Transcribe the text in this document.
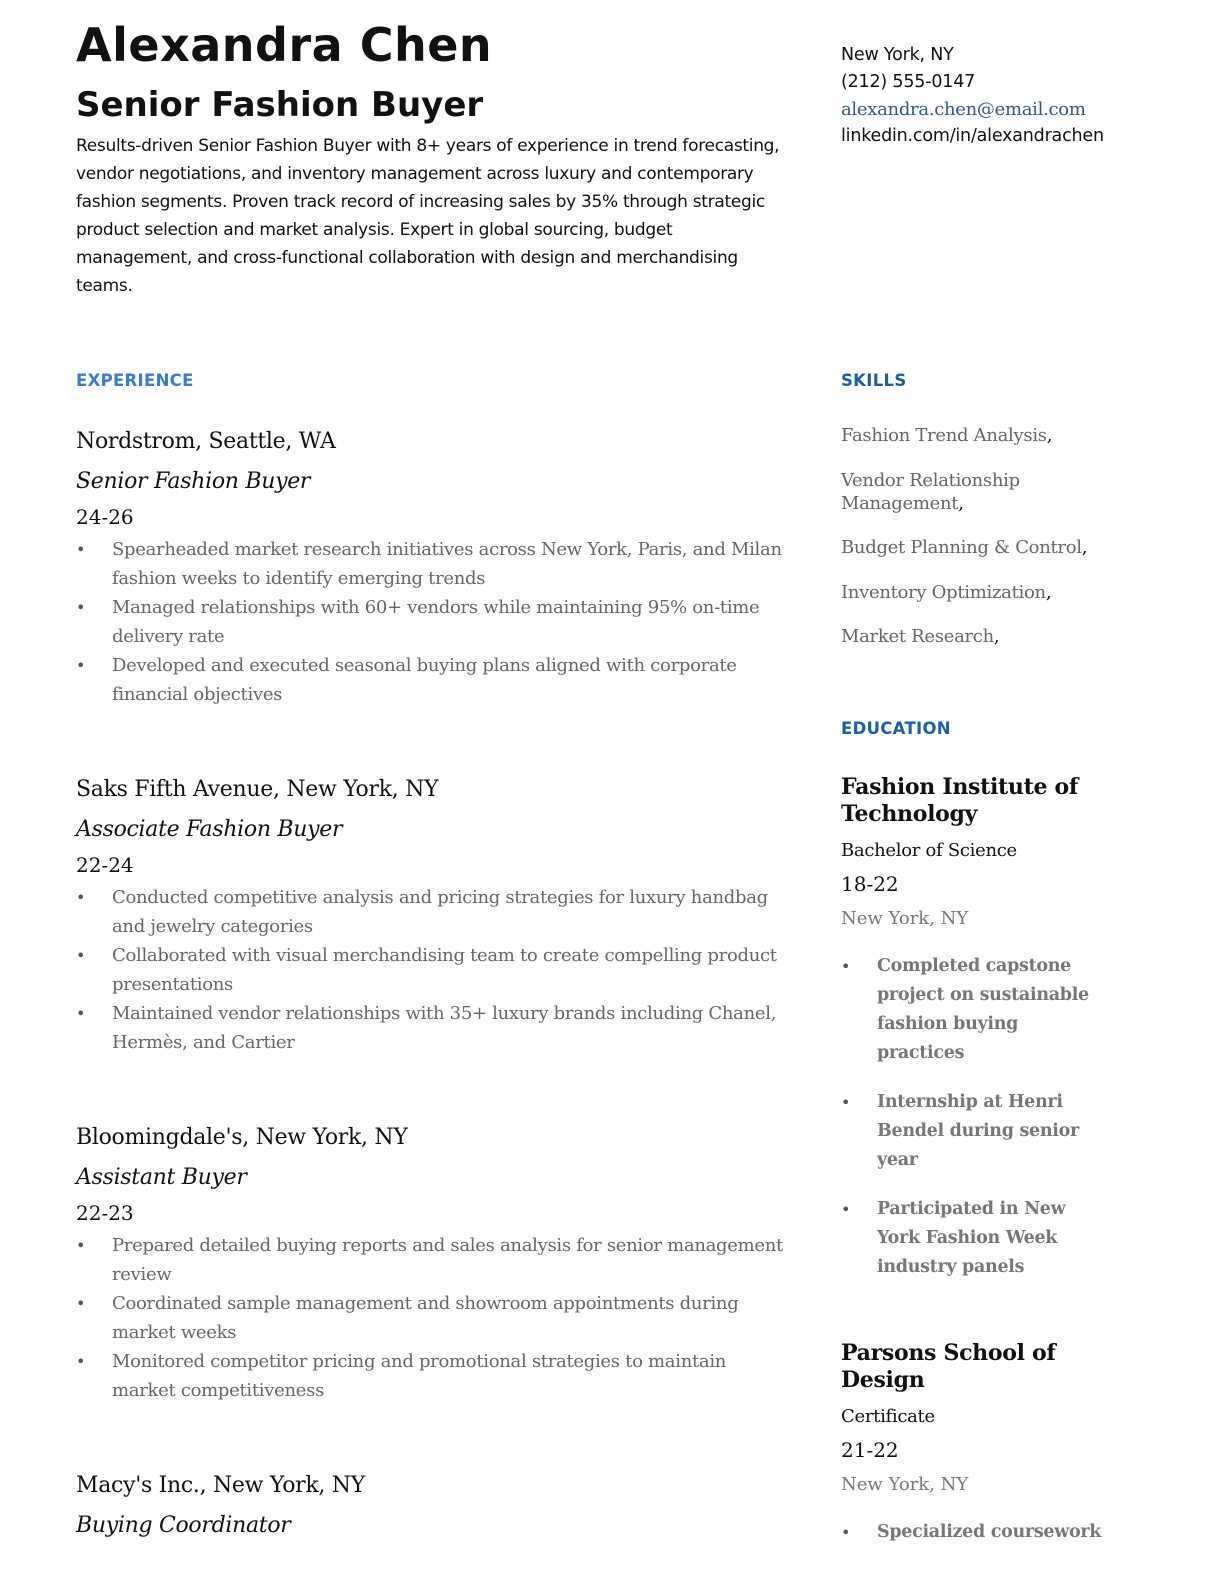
Alexandra Chen
Senior Fashion Buyer

Results-driven Senior Fashion Buyer with 8+ years of experience in trend forecasting, vendor negotiations, and inventory management across luxury and contemporary fashion segments. Proven track record of increasing sales by 35% through strategic product selection and market analysis. Expert in global sourcing, budget management, and cross-functional collaboration with design and merchandising teams.

New York, NY
(212) 555-0147
alexandra.chen@email.com
linkedin.com/in/alexandrachen
EXPERIENCE	SKILLS
EDUCATION

Nordstrom, Seattle, WA

Senior Fashion Buyer

24-26

• Spearheaded market research initiatives across New York, Paris, and Milan fashion weeks to identify emerging trends
• Managed relationships with 60+ vendors while maintaining 95% on-time delivery rate
• Developed and executed seasonal buying plans aligned with corporate financial objectives

Saks Fifth Avenue, New York, NY

Associate Fashion Buyer

22-24

• Conducted competitive analysis and pricing strategies for luxury handbag and jewelry categories
• Collaborated with visual merchandising team to create compelling product presentations
• Maintained vendor relationships with 35+ luxury brands including Chanel, Hermès, and Cartier

Bloomingdale's, New York, NY

Assistant Buyer

22-23

• Prepared detailed buying reports and sales analysis for senior management review
• Coordinated sample management and showroom appointments during market weeks
• Monitored competitor pricing and promotional strategies to maintain market competitiveness

Macy's Inc., New York, NY

Buying Coordinator

Fashion Trend Analysis,
Vendor Relationship Management,
Budget Planning & Control,
Inventory Optimization,
Market Research,

Fashion Institute of Technology

Bachelor of Science

18-22

New York, NY

• Completed capstone project on sustainable fashion buying practices
• Internship at Henri Bendel during senior year
• Participated in New York Fashion Week industry panels

Parsons School of Design

Certificate

21-22

New York, NY

• Specialized coursework
